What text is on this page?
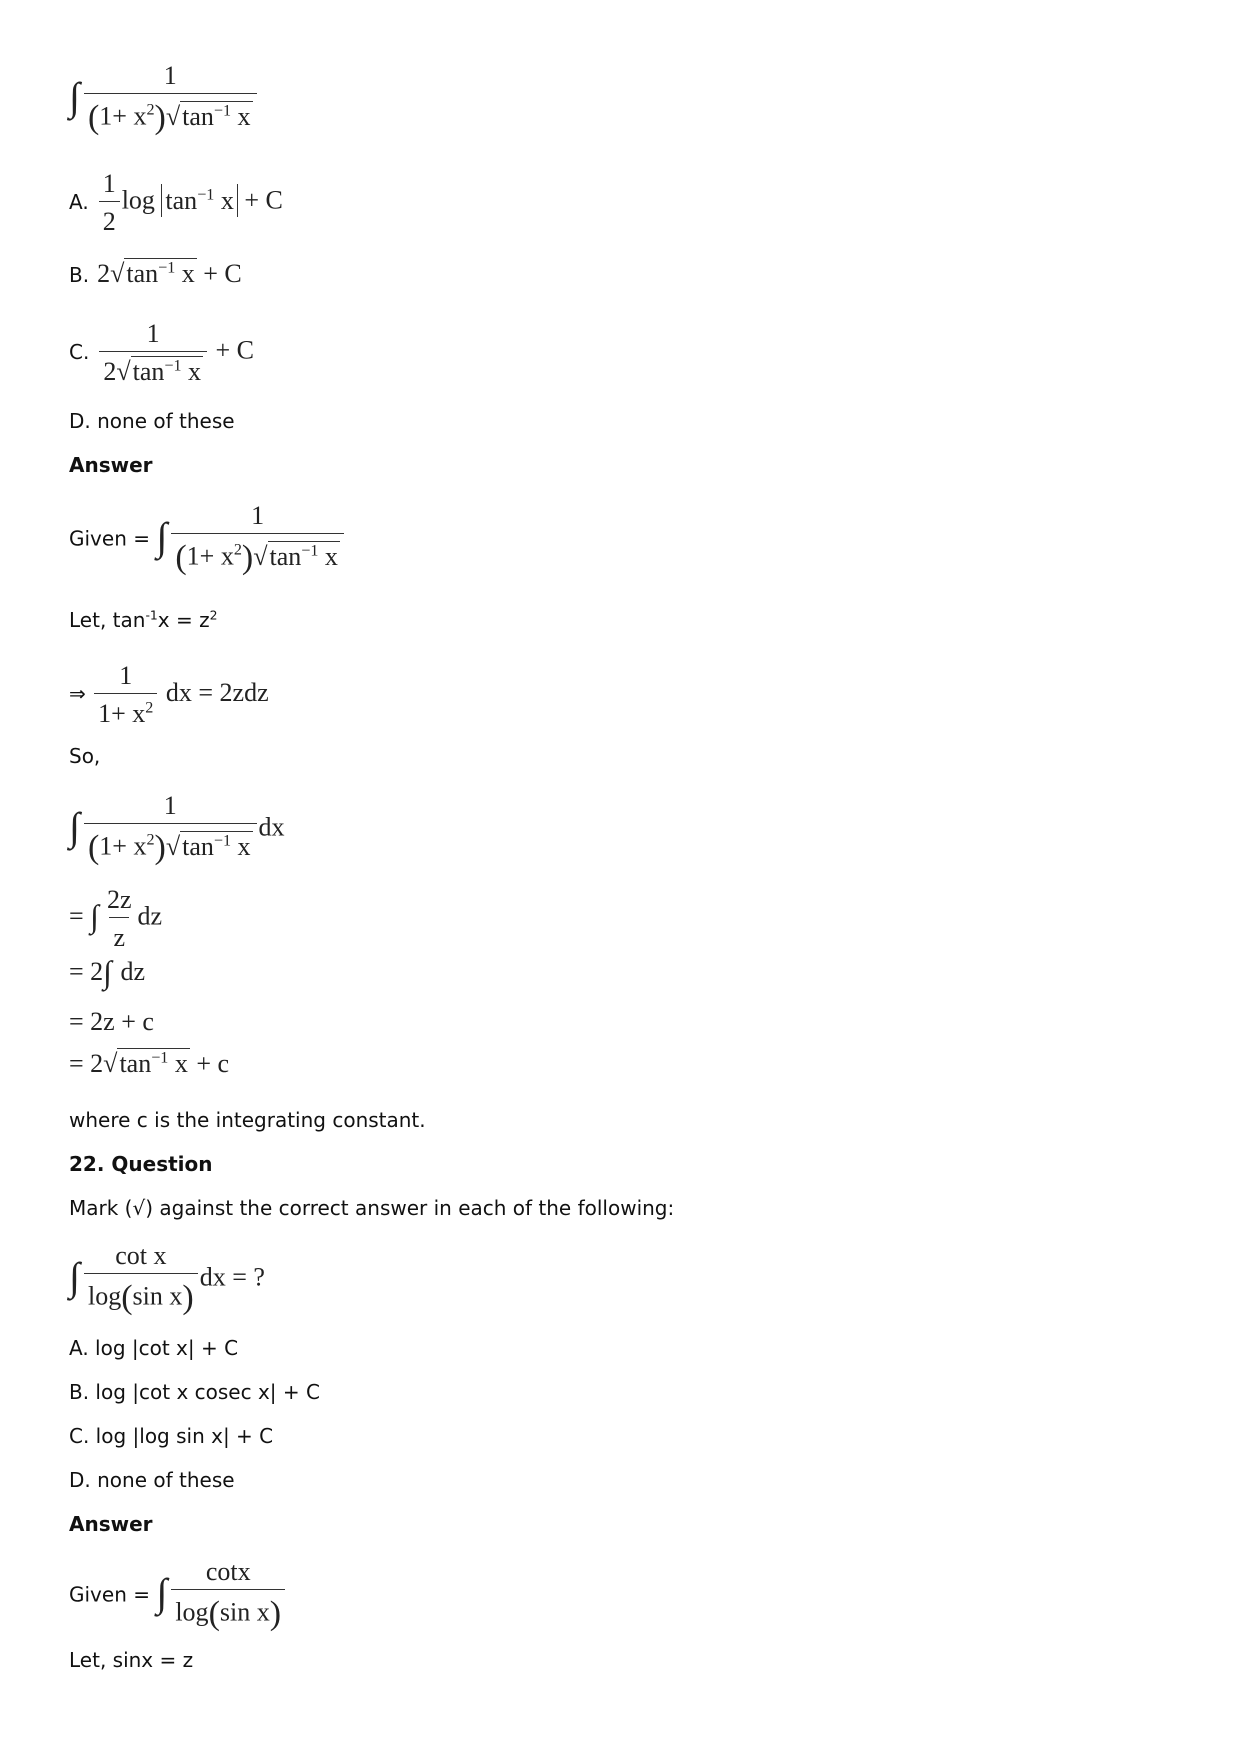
∫ $\frac{1}{(1+ x^2)√\tan^{-1} x}$
A. $\frac{1}{2}$ $\log \tan^{-1} x + C$
B. $2√\tan^{-1}$ x + C
C. $\frac{1}{2√\tan^{-1} x} + C$
D. none of these
Answer
Given = ∫ $\frac{1}{(1+ x^2)√\tan^{-1} x}$
Let, $\tan^{-1}x = z^2$
⇒ $\frac{1}{1+ x^2}$ dx = 2zdz
So,
∫ $\frac{1}{(1+ x^2)√\tan^{-1} x}$ dx
= ∫ $\frac{2z}{z}$ dz
= 2∫ dz
= 2z + c
= $2√\tan^{-1}$ x + c
where c is the integrating constant.
22. Question
Mark (√) against the correct answer in each of the following:
∫ $\frac{\text{cot x}}{\text{log(sin x)}}$ dx = ?
A. log |cot x| + C
B. log |cot x cosec x| + C
C. log |log sin x| + C
D. none of these
Answer
Given = ∫ $\frac{\cot x}{\text{log(sin x)}}$
Let, sinx = z
